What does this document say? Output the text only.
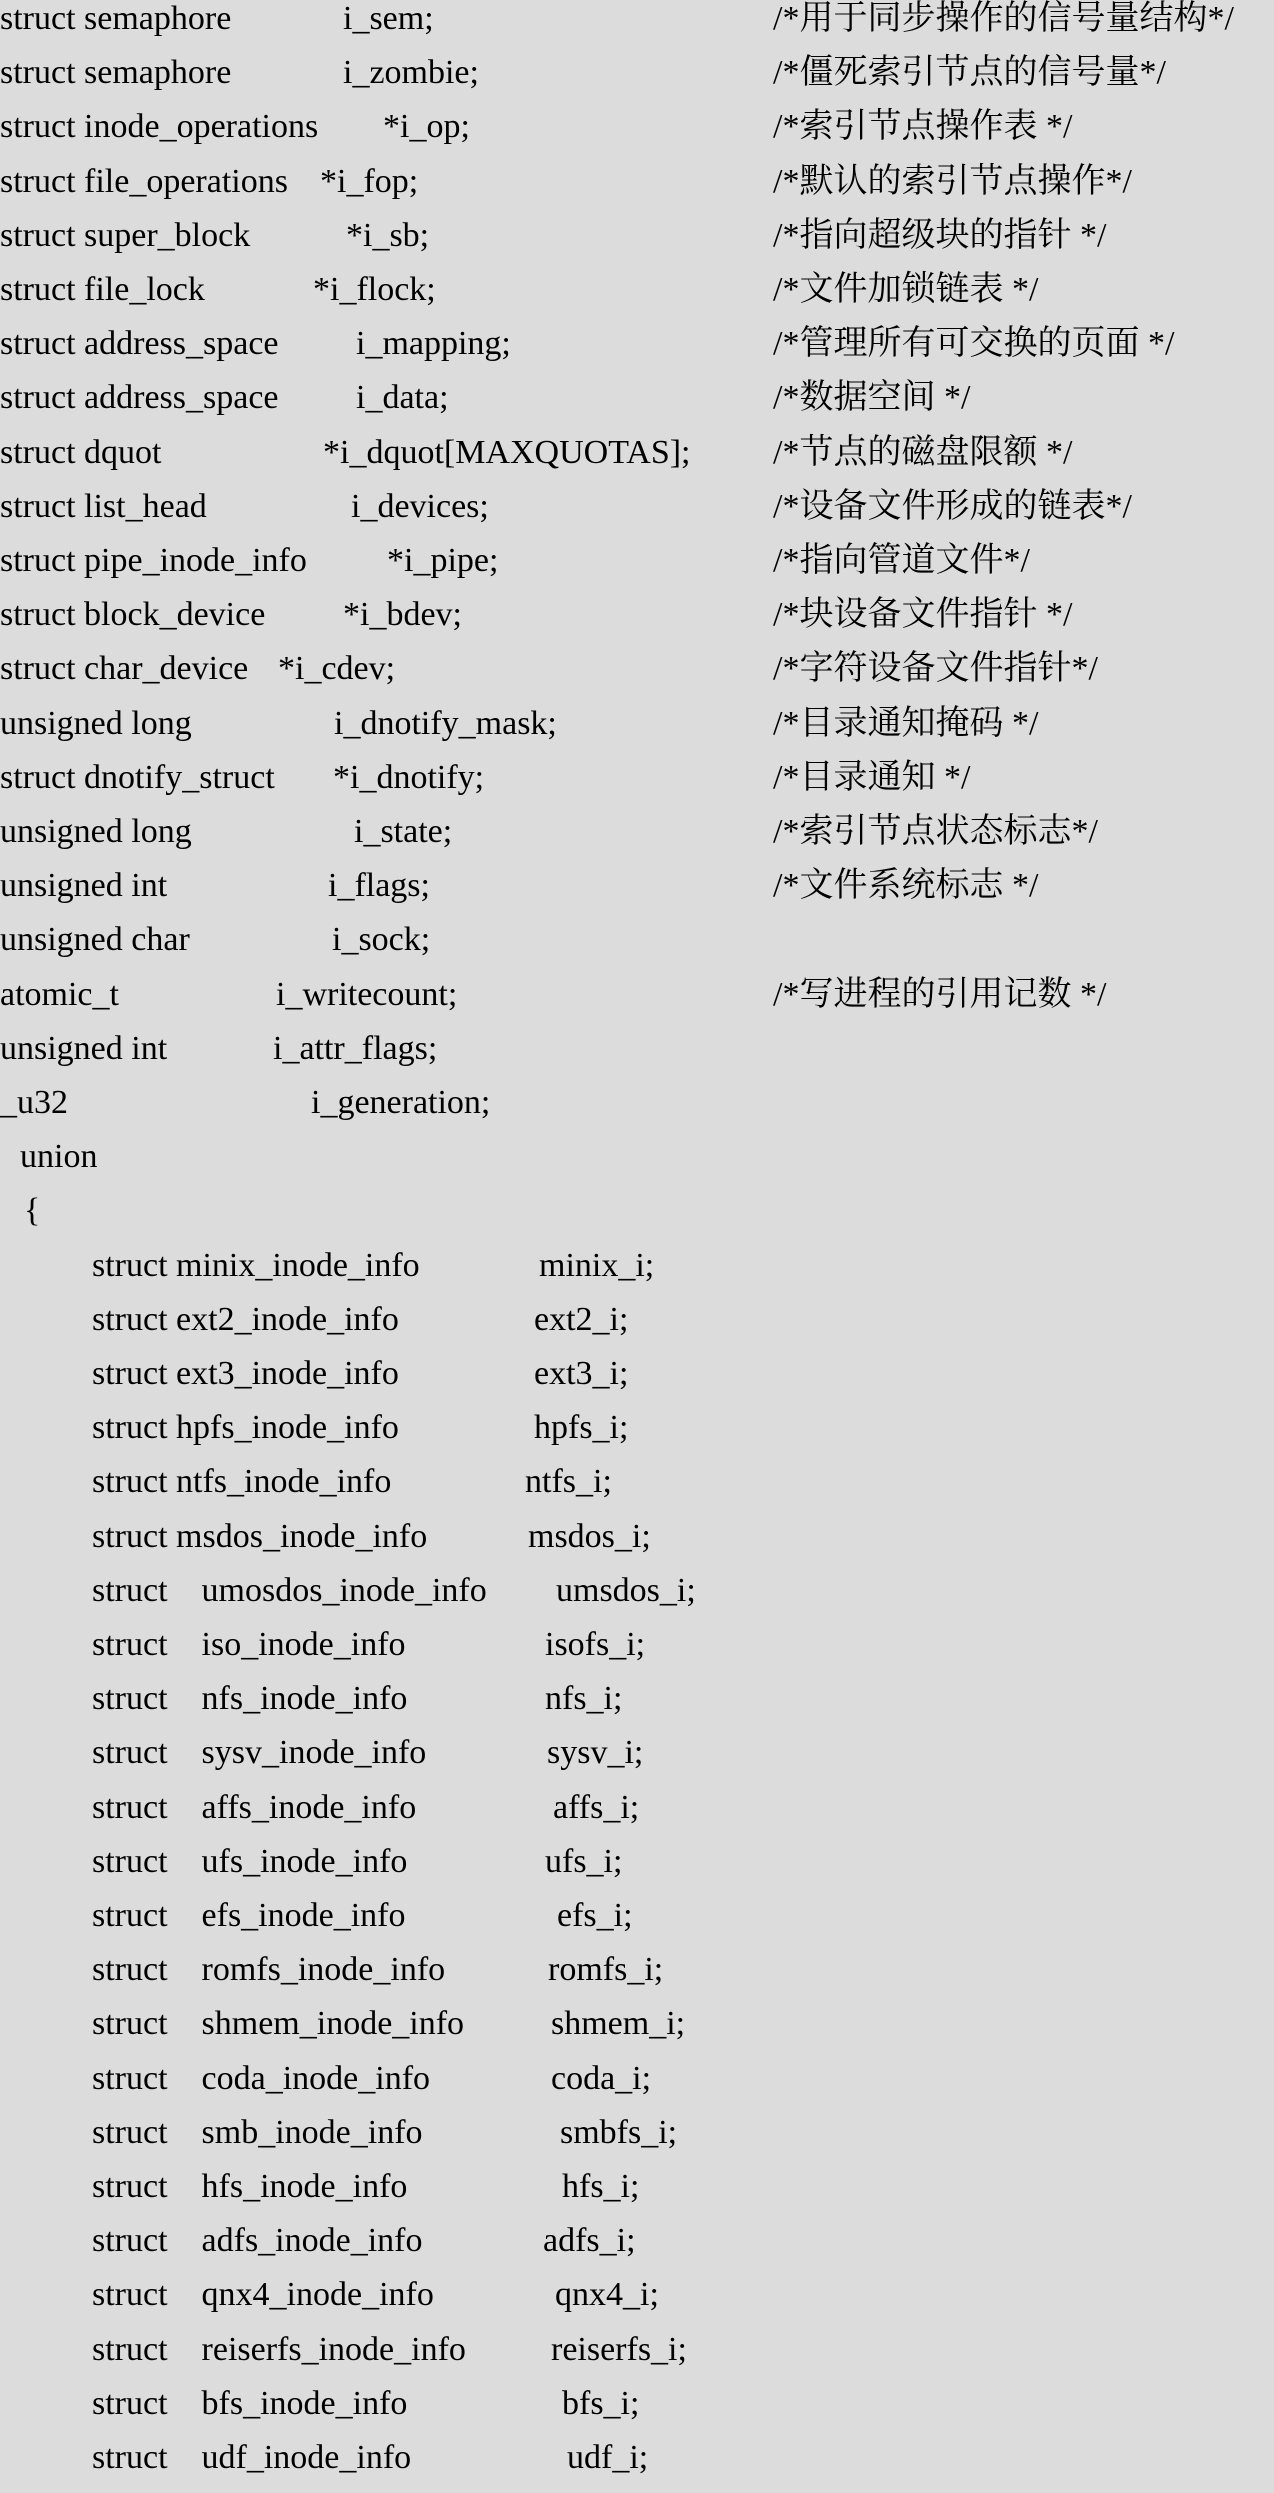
struct semaphore	i_sem;	/*用于同步操作的信号量结构*/
struct semaphore	i_zombie;	/*僵死索引节点的信号量*/
struct inode_operations *i_op;	/*索引节点操作表 */
struct file_operations *i_fop;	/*默认的索引节点操作*/
struct super_block	*i_sb;	/*指向超级块的指针 */
struct file_lock	*i_flock;	/*文件加锁链表 */
struct address_space i_mapping;	/*管理所有可交换的页面 */
struct address_space i_data;	/*数据空间 */
struct dquot	*i_dquot[MAXQUOTAS]; /*节点的磁盘限额 */
struct list_head	i_devices;	/*设备文件形成的链表*/
struct pipe_inode_info *i_pipe;	/*指向管道文件*/
struct block_device *i_bdev;	/*块设备文件指针 */
struct char_device *i_cdev;	/*字符设备文件指针*/
unsigned long	i_dnotify_mask;	/*目录通知掩码 */
struct dnotify_struct *i_dnotify;	/*目录通知 */
unsigned long	i_state;	/*索引节点状态标志*/
unsigned int	i_flags;	/*文件系统标志 */
unsigned char	i_sock;
atomic_t	i_writecount;	/*写进程的引用记数 */
unsigned int	i_attr_flags;
_u32	i_generation;
union
{
struct minix_inode_info	minix_i;
struct ext2_inode_info	ext2_i;
struct ext3_inode_info	ext3_i;
struct hpfs_inode_info	hpfs_i;
struct ntfs_inode_info	ntfs_i;
struct msdos_inode_info	msdos_i;
struct    umosdos_inode_info umsdos_i;
struct    iso_inode_info	isofs_i;
struct    nfs_inode_info	nfs_i;
struct    sysv_inode_info	sysv_i;
struct    affs_inode_info	affs_i;
struct    ufs_inode_info	ufs_i;
struct    efs_inode_info	efs_i;
struct    romfs_inode_info	romfs_i;
struct    shmem_inode_info	shmem_i;
struct    coda_inode_info	coda_i;
struct    smb_inode_info	smbfs_i;
struct    hfs_inode_info	hfs_i;
struct    adfs_inode_info	adfs_i;
struct    qnx4_inode_info	qnx4_i;
struct    reiserfs_inode_info	reiserfs_i;
struct    bfs_inode_info	bfs_i;
struct    udf_inode_info	udf_i;
